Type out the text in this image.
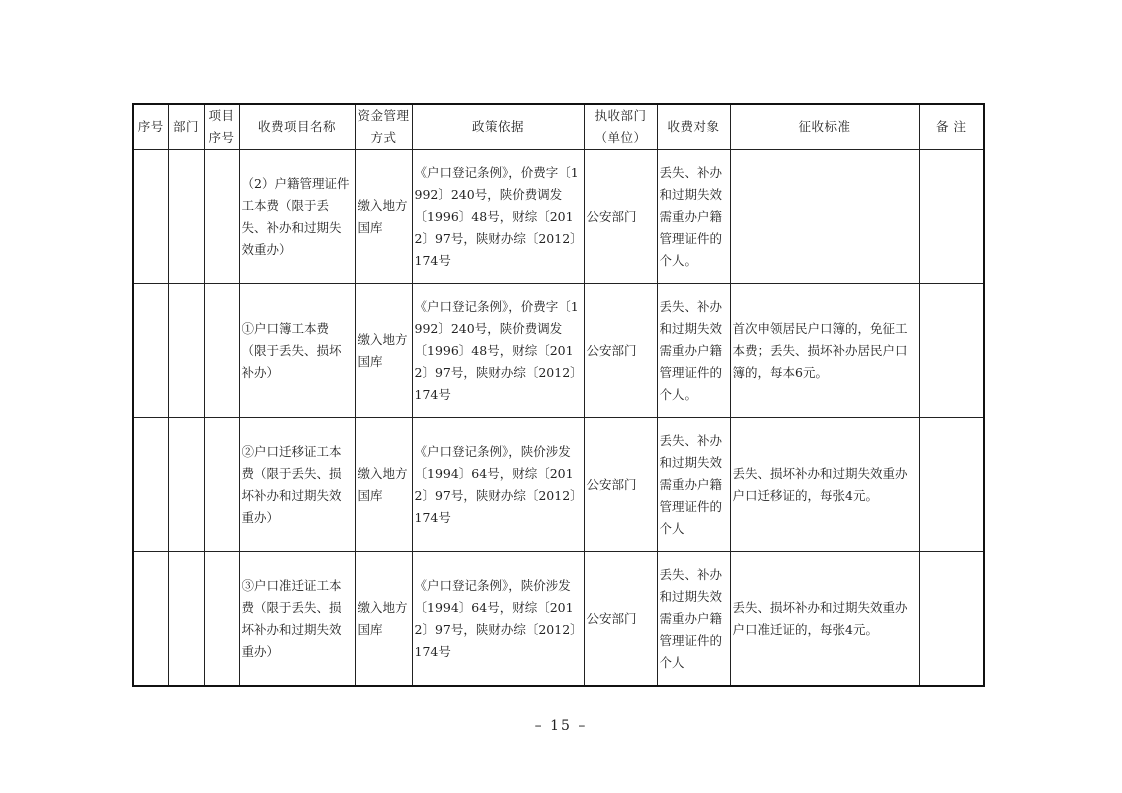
序号	部门	项目序号	收费项目名称	资金管理方式	政策依据	执收部门（单位）	收费对象	征收标准	备 注
			（2）户籍管理证件工本费（限于丢失、补办和过期失效重办）	缴入地方国库	《户口登记条例》，价费字〔1992〕240号，陕价费调发〔1996〕48号，财综〔2012〕97号，陕财办综〔2012〕174号	公安部门	丢失、补办和过期失效需重办户籍管理证件的个人。		
			①户口簿工本费（限于丢失、损坏补办）	缴入地方国库	《户口登记条例》，价费字〔1992〕240号，陕价费调发〔1996〕48号，财综〔2012〕97号，陕财办综〔2012〕174号	公安部门	丢失、补办和过期失效需重办户籍管理证件的个人。	首次申领居民户口簿的，免征工本费；丢失、损坏补办居民户口簿的，每本6元。	
			②户口迁移证工本费（限于丢失、损坏补办和过期失效重办）	缴入地方国库	《户口登记条例》，陕价涉发〔1994〕64号，财综〔2012〕97号，陕财办综〔2012〕174号	公安部门	丢失、补办和过期失效需重办户籍管理证件的个人	丢失、损坏补办和过期失效重办户口迁移证的，每张4元。	
			③户口准迁证工本费（限于丢失、损坏补办和过期失效重办）	缴入地方国库	《户口登记条例》，陕价涉发〔1994〕64号，财综〔2012〕97号，陕财办综〔2012〕174号	公安部门	丢失、补办和过期失效需重办户籍管理证件的个人	丢失、损坏补办和过期失效重办户口准迁证的，每张4元。	
– 15 –
